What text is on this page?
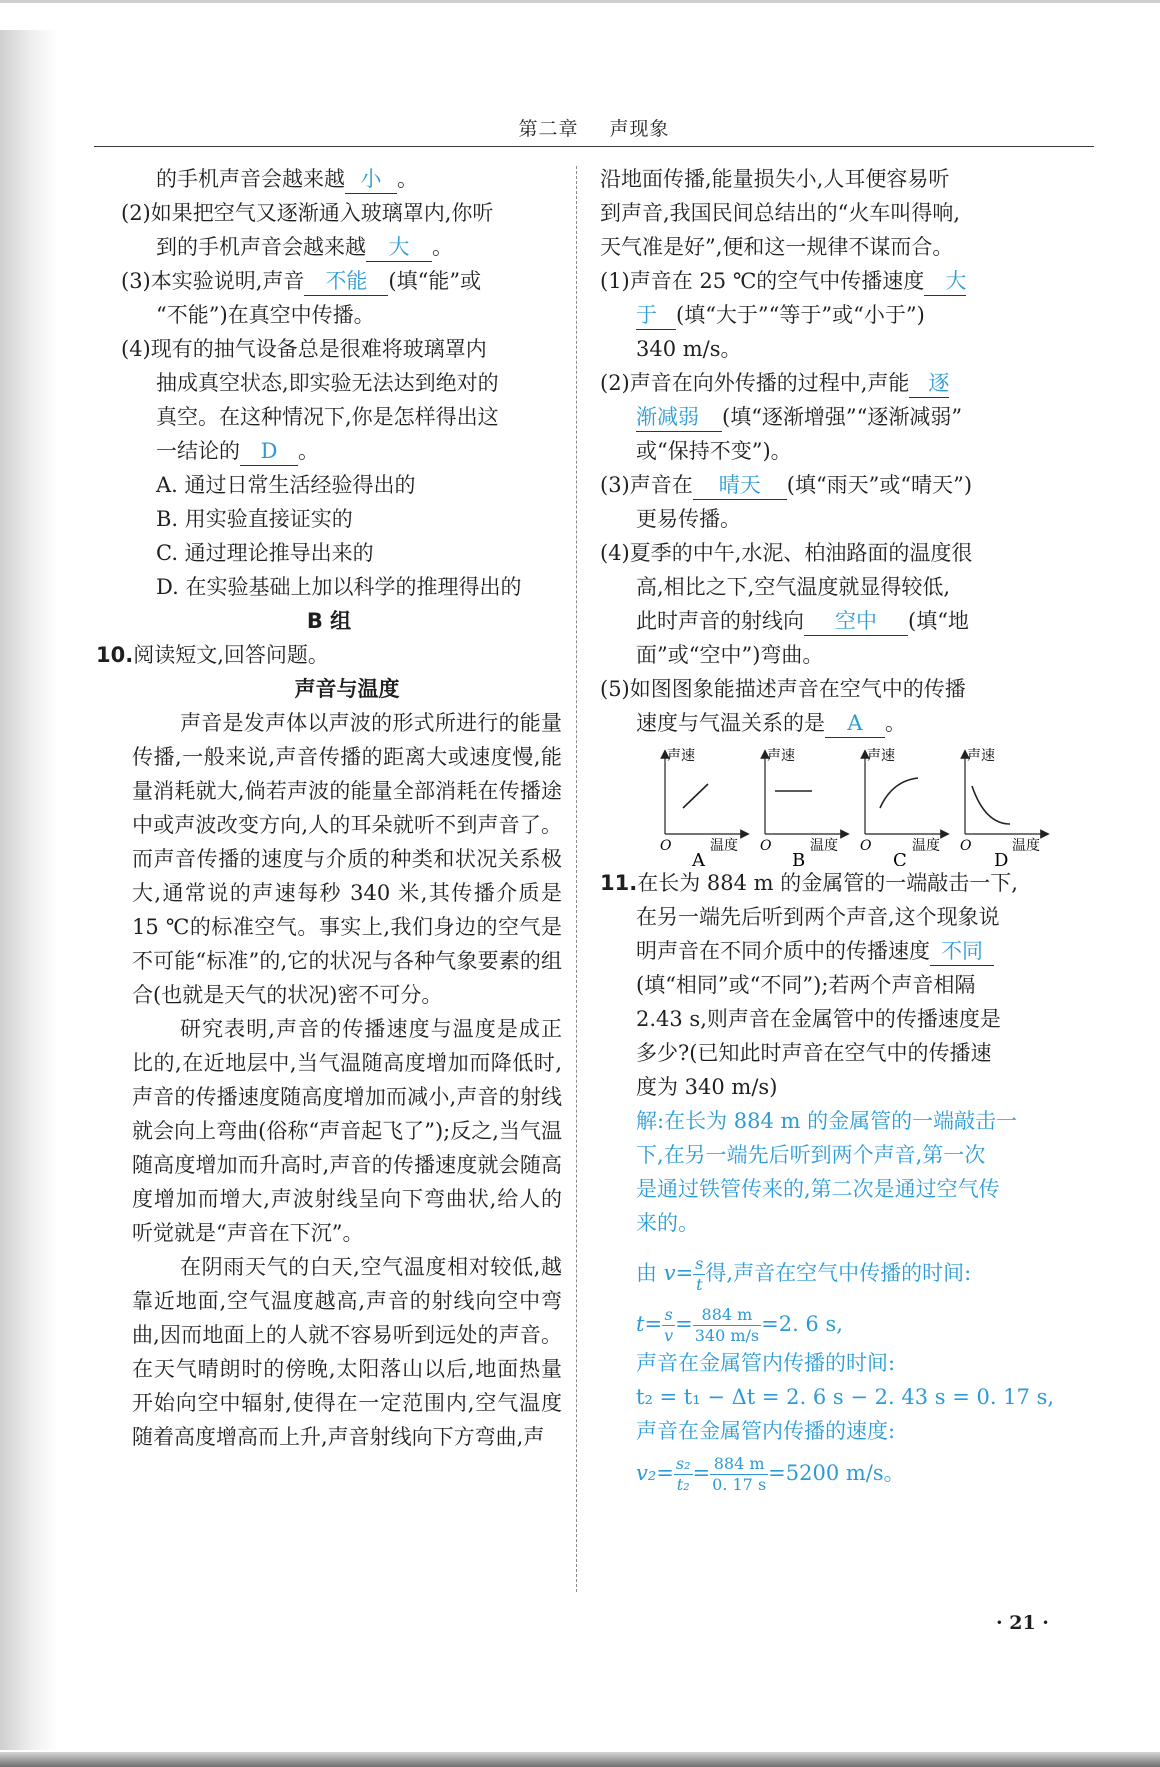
第二章 声现象
的手机声音会越来越 小 。
(2)如果把空气又逐渐通入玻璃罩内,你听
到的手机声音会越来越 大 。
(3)本实验说明,声音 不能 (填“能”或
“不能”)在真空中传播。
(4)现有的抽气设备总是很难将玻璃罩内
抽成真空状态,即实验无法达到绝对的
真空。在这种情况下,你是怎样得出这
一结论的 D 。
A. 通过日常生活经验得出的
B. 用实验直接证实的
C. 通过理论推导出来的
D. 在实验基础上加以科学的推理得出的
B 组
10.阅读短文,回答问题。
声音与温度
声音是发声体以声波的形式所进行的能量传播,一般来说,声音传播的距离大或速度慢,能量消耗就大,倘若声波的能量全部消耗在传播途中或声波改变方向,人的耳朵就听不到声音了。而声音传播的速度与介质的种类和状况关系极大,通常说的声速每秒 340 米,其传播介质是 15 ℃的标准空气。事实上,我们身边的空气是不可能“标准”的,它的状况与各种气象要素的组合(也就是天气的状况)密不可分。
研究表明,声音的传播速度与温度是成正比的,在近地层中,当气温随高度增加而降低时,声音的传播速度随高度增加而减小,声音的射线就会向上弯曲(俗称“声音起飞了”);反之,当气温随高度增加而升高时,声音的传播速度就会随高度增加而增大,声波射线呈向下弯曲状,给人的听觉就是“声音在下沉”。
在阴雨天气的白天,空气温度相对较低,越靠近地面,空气温度越高,声音的射线向空中弯曲,因而地面上的人就不容易听到远处的声音。在天气晴朗时的傍晚,太阳落山以后,地面热量开始向空中辐射,使得在一定范围内,空气温度随着高度增高而上升,声音射线向下方弯曲,声
沿地面传播,能量损失小,人耳便容易听
到声音,我国民间总结出的“火车叫得响,
天气准是好”,便和这一规律不谋而合。
(1)声音在 25 ℃的空气中传播速度 大
于 (填“大于”“等于”或“小于”)
340 m/s。
(2)声音在向外传播的过程中,声能 逐
渐减弱 (填“逐渐增强”“逐渐减弱”
或“保持不变”)。
(3)声音在 晴天 (填“雨天”或“晴天”)
更易传播。
(4)夏季的中午,水泥、柏油路面的温度很
高,相比之下,空气温度就显得较低,
此时声音的射线向 空中 (填“地
面”或“空中”)弯曲。
(5)如图图象能描述声音在空气中的传播
速度与气温关系的是 A 。
声速
温度
O
A
声速
温度
O
B
声速
温度
O
C
声速
温度
O
D
11.在长为 884 m 的金属管的一端敲击一下,
在另一端先后听到两个声音,这个现象说
明声音在不同介质中的传播速度 不同
(填“相同”或“不同”);若两个声音相隔
2.43 s,则声音在金属管中的传播速度是
多少?(已知此时声音在空气中的传播速
度为 340 m/s)
解:在长为 884 m 的金属管的一端敲击一
下,在另一端先后听到两个声音,第一次
是通过铁管传来的,第二次是通过空气传
来的。
由 $v= \frac{s}{t}$ 得,声音在空气中传播的时间:
$t= \frac{s}{v} = \frac{884 m}{340 m/s} =2$. 6 s,
声音在金属管内传播的时间:
t₂ = t₁ − Δt = 2. 6 s − 2. 43 s = 0. 17 s,
声音在金属管内传播的速度:
$v_2= \frac{\text{s₂}}{\text{t₂}} = \frac{884 m}{0. 17 s} =5200$ m/s。
· 21 ·
